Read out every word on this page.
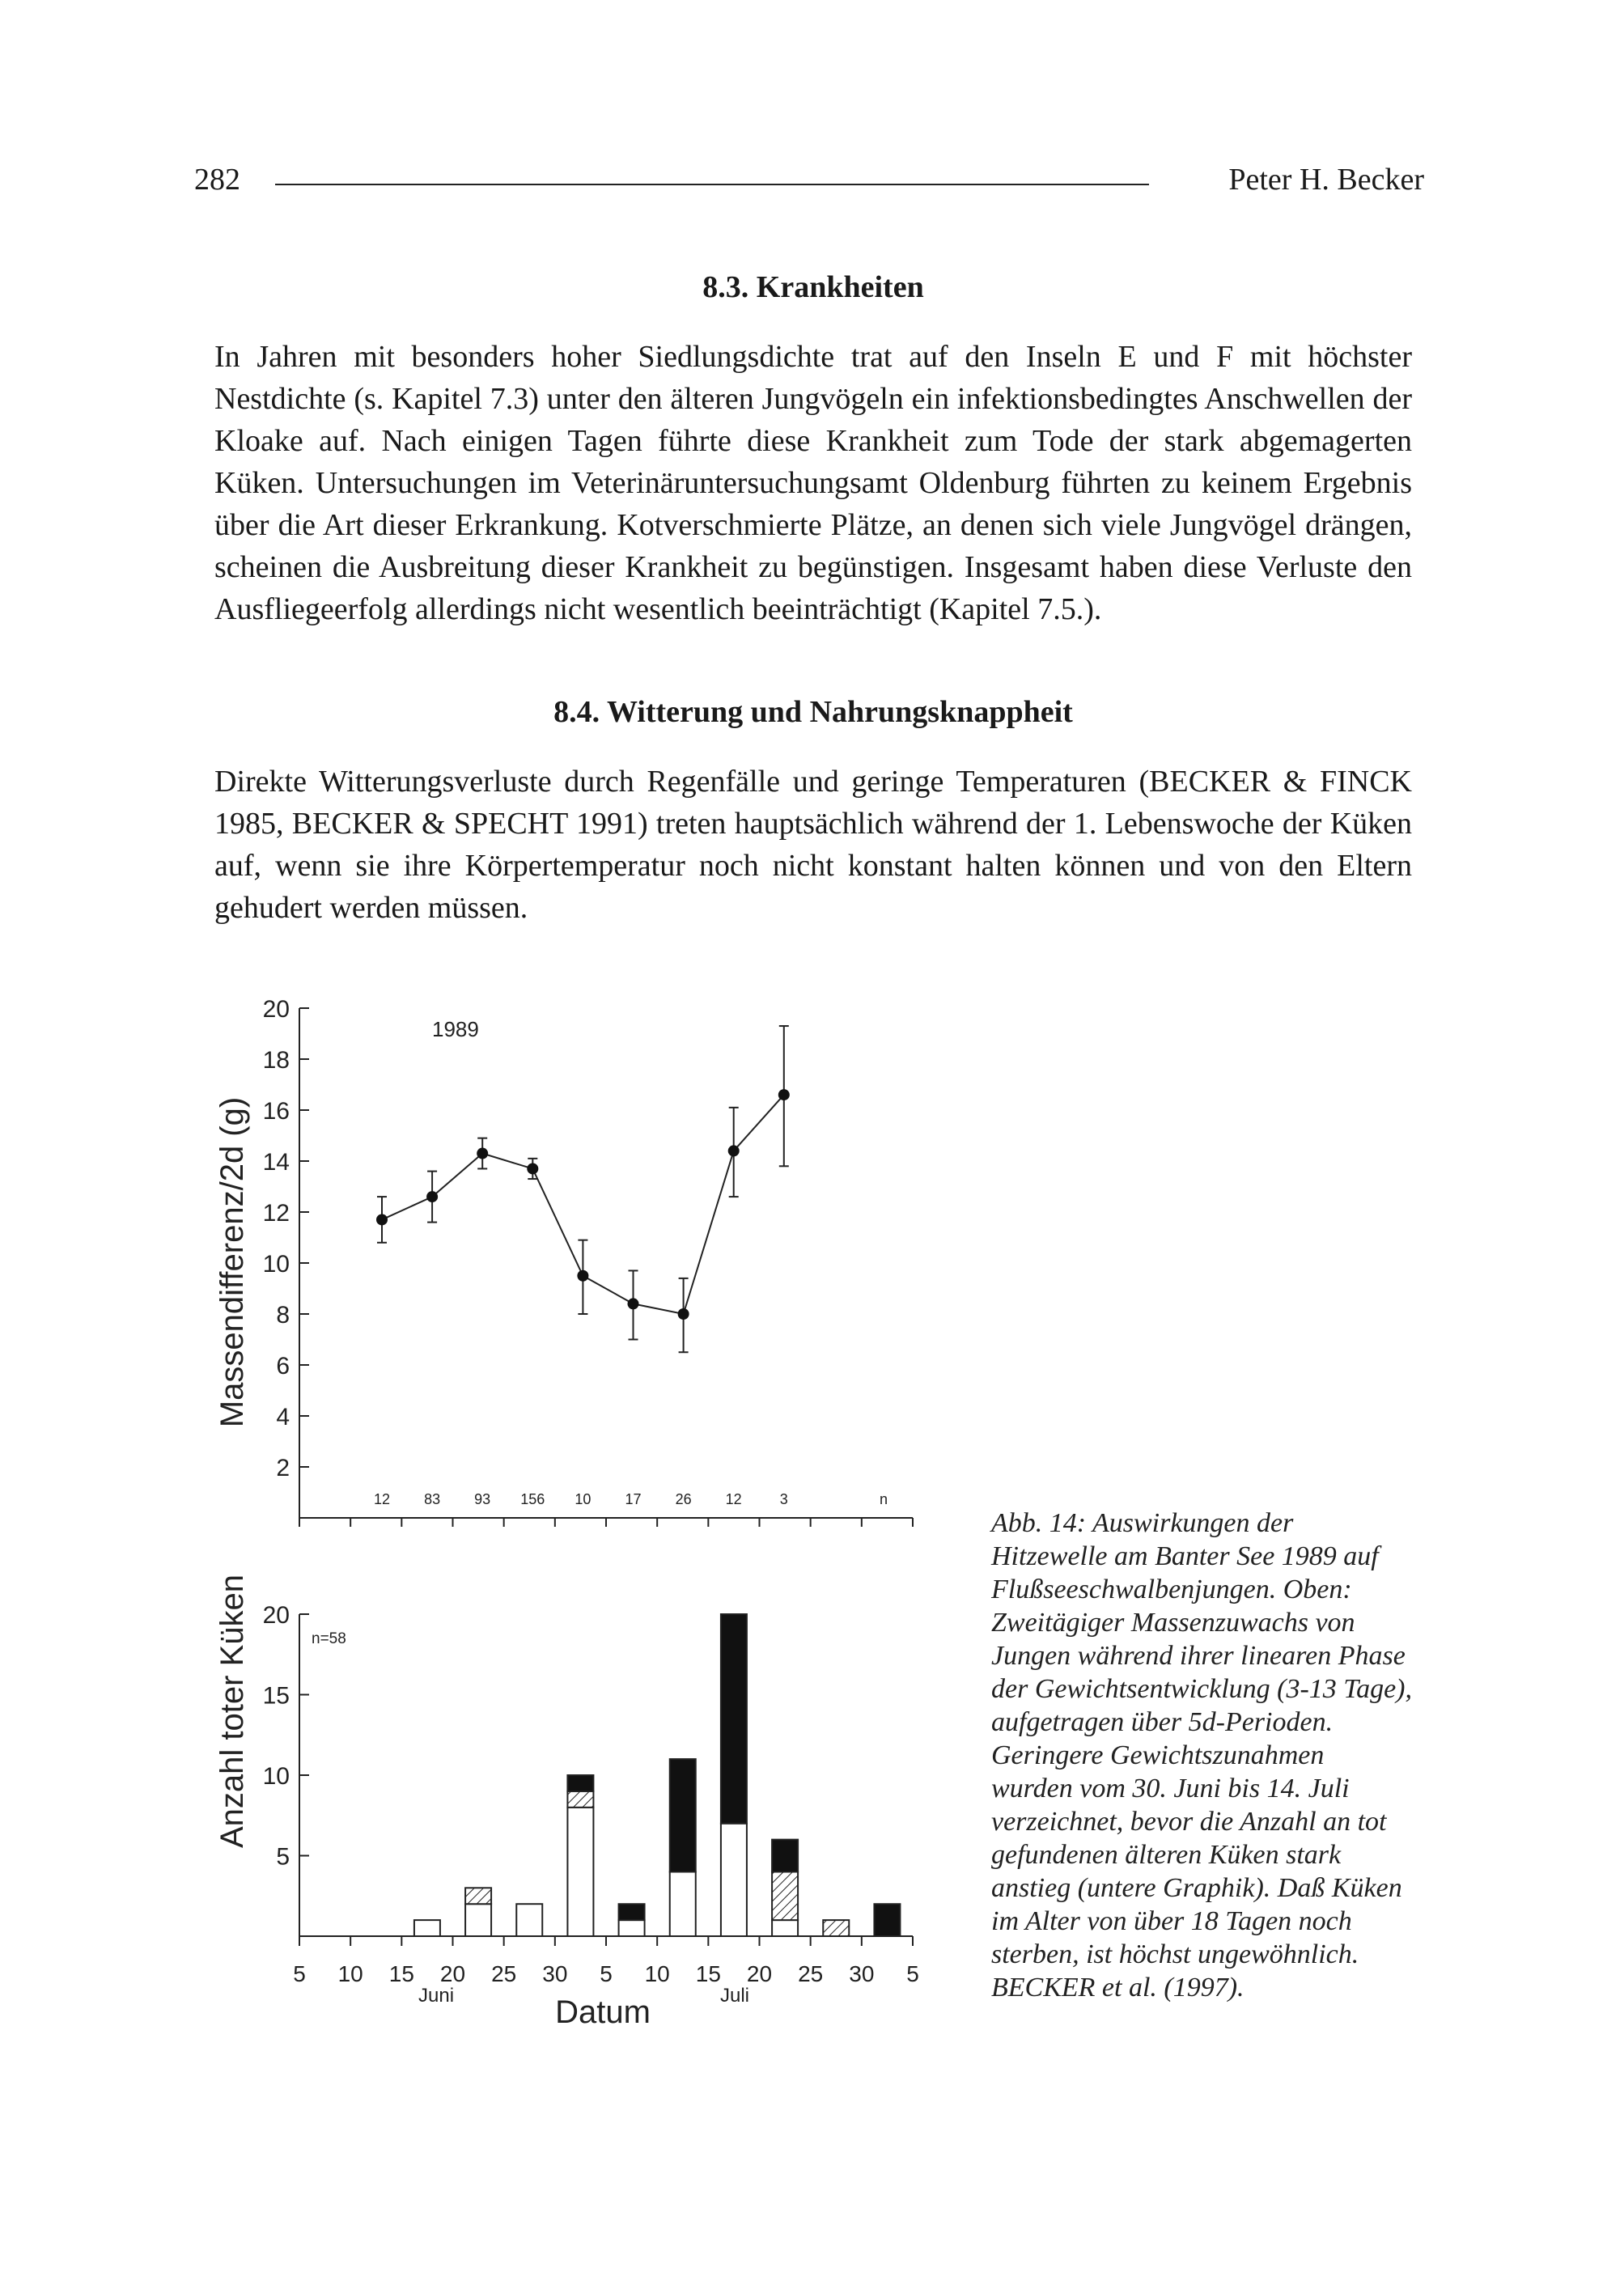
282	Peter H. Becker
8.3. Krankheiten
In Jahren mit besonders hoher Siedlungsdichte trat auf den Inseln E und F mit höchster Nestdichte (s. Kapitel 7.3) unter den älteren Jungvögeln ein infektionsbedingtes Anschwellen der Kloake auf. Nach einigen Tagen führte diese Krankheit zum Tode der stark abgemagerten Küken. Untersuchungen im Veterinäruntersuchungsamt Oldenburg führten zu keinem Ergebnis über die Art dieser Erkrankung. Kotverschmierte Plätze, an denen sich viele Jungvögel drängen, scheinen die Ausbreitung dieser Krankheit zu begünstigen. Insgesamt haben diese Verluste den Ausfliegeerfolg allerdings nicht wesentlich beeinträchtigt (Kapitel 7.5.).
8.4. Witterung und Nahrungsknappheit
Direkte Witterungsverluste durch Regenfälle und geringe Temperaturen (BECKER & FINCK 1985, BECKER & SPECHT 1991) treten hauptsächlich während der 1. Lebenswoche der Küken auf, wenn sie ihre Körpertemperatur noch nicht konstant halten können und von den Eltern gehudert werden müssen.
1989
Massendifferenz/2d (g)
2
4
6
8
10
12
14
16
18
20
12 83 93 156 10 17 26 12	3	n
n=58
Anzahl toter Küken
Juni	Juli
Datum
5 10 15 20 25 30 5 10 15 20 25 30 5
5
10
15
20
Abb. 14: Auswirkungen der Hitzewelle am Banter See 1989 auf Flußseeschwalbenjungen. Oben: Zweitägiger Massenzuwachs von Jungen während ihrer linearen Phase der Gewichtsentwicklung (3-13 Tage), aufgetragen über 5d-Perioden. Geringere Gewichtszunahmen wurden vom 30. Juni bis 14. Juli verzeichnet, bevor die Anzahl an tot gefundenen älteren Küken stark anstieg (untere Graphik). Daß Küken im Alter von über 18 Tagen noch sterben, ist höchst ungewöhnlich. BECKER et al. (1997).
